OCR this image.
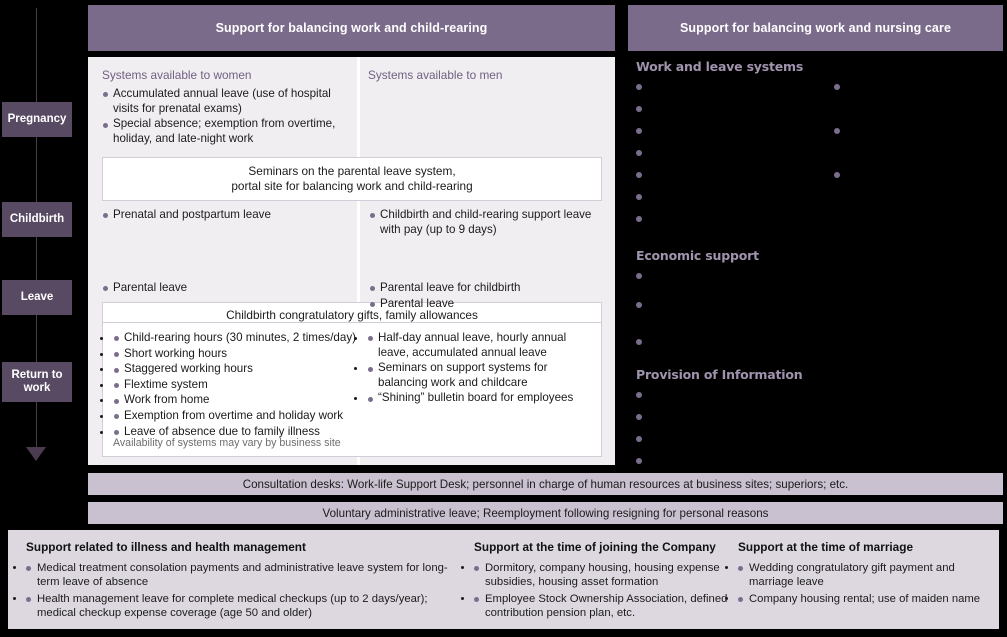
Support for balancing work and child-rearing	Support for balancing work and nursing care
Pregnancy
Childbirth
Leave
Return to work
Systems available to women	Systems available to men
Accumulated annual leave (use of hospital visits for prenatal exams)
Special absence; exemption from overtime, holiday, and late-night work
Seminars on the parental leave system,
portal site for balancing work and child-rearing
Prenatal and postpartum leave	Childbirth and child-rearing support leave with pay (up to 9 days)
Childbirth congratulatory gifts, family allowances
Parental leave	Parental leave for childbirth
Parental leave
• Child-rearing hours (30 minutes, 2 times/day)
• Short working hours
• Staggered working hours
• Flextime system
• Work from home
• Exemption from overtime and holiday work
• Leave of absence due to family illness
• Half-day annual leave, hourly annual leave, accumulated annual leave
• Seminars on support systems for balancing work and childcare
• “Shining” bulletin board for employees
Availability of systems may vary by business site
Work and leave systems
Economic support
Provision of Information
Consultation desks: Work-life Support Desk; personnel in charge of human resources at business sites; superiors; etc.
Voluntary administrative leave; Reemployment following resigning for personal reasons
Support related to illness and health management
• Medical treatment consolation payments and administrative leave system for long-term leave of absence
• Health management leave for complete medical checkups (up to 2 days/year); medical checkup expense coverage (age 50 and older)
Support at the time of joining the Company
• Dormitory, company housing, housing expense subsidies, housing asset formation
• Employee Stock Ownership Association, defined contribution pension plan, etc.
Support at the time of marriage
• Wedding congratulatory gift payment and marriage leave
• Company housing rental; use of maiden name
